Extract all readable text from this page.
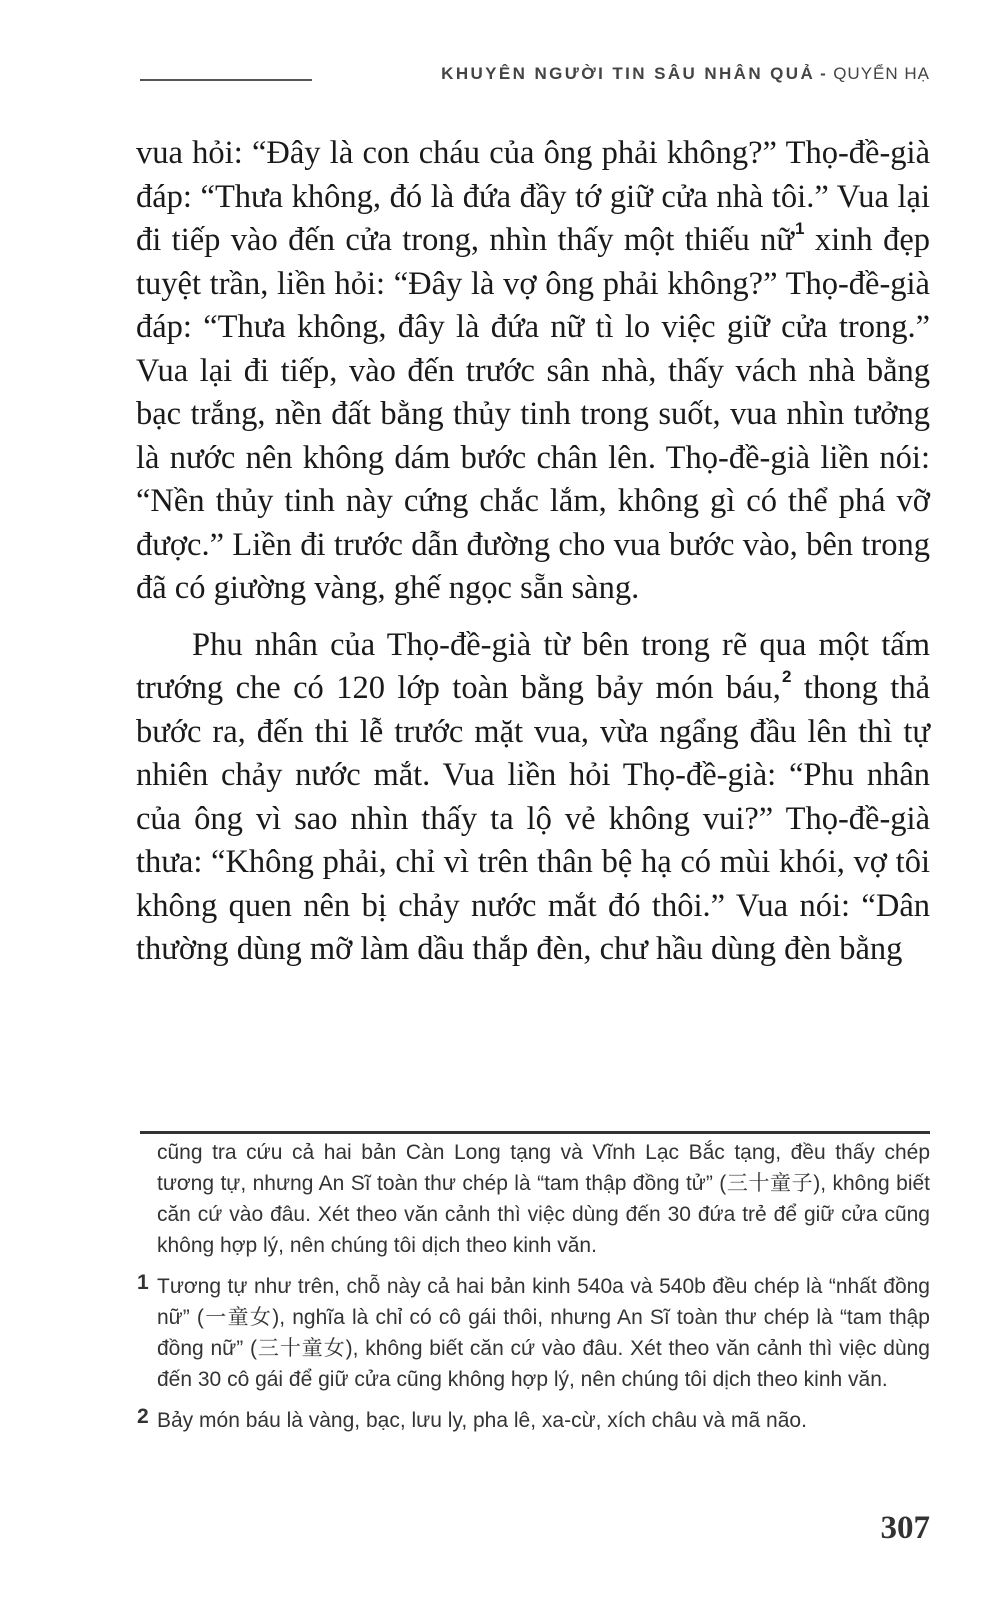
KHUYÊN NGƯỜI TIN SÂU NHÂN QUẢ - QUYỂN HẠ

vua hỏi: “Đây là con cháu của ông phải không?” Thọ-đề-già đáp: “Thưa không, đó là đứa đầy tớ giữ cửa nhà tôi.” Vua lại đi tiếp vào đến cửa trong, nhìn thấy một thiếu nữ$^1$ xinh đẹp tuyệt trần, liền hỏi: “Đây là vợ ông phải không?” Thọ-đề-già đáp: “Thưa không, đây là đứa nữ tì lo việc giữ cửa trong.” Vua lại đi tiếp, vào đến trước sân nhà, thấy vách nhà bằng bạc trắng, nền đất bằng thủy tinh trong suốt, vua nhìn tưởng là nước nên không dám bước chân lên. Thọ-đề-già liền nói: “Nền thủy tinh này cứng chắc lắm, không gì có thể phá vỡ được.” Liền đi trước dẫn đường cho vua bước vào, bên trong đã có giường vàng, ghế ngọc sẵn sàng.

Phu nhân của Thọ-đề-già từ bên trong rẽ qua một tấm trướng che có 120 lớp toàn bằng bảy món báu,$^2$ thong thả bước ra, đến thi lễ trước mặt vua, vừa ngẩng đầu lên thì tự nhiên chảy nước mắt. Vua liền hỏi Thọ-đề-già: “Phu nhân của ông vì sao nhìn thấy ta lộ vẻ không vui?” Thọ-đề-già thưa: “Không phải, chỉ vì trên thân bệ hạ có mùi khói, vợ tôi không quen nên bị chảy nước mắt đó thôi.” Vua nói: “Dân thường dùng mỡ làm dầu thắp đèn, chư hầu dùng đèn bằng

cũng tra cứu cả hai bản Càn Long tạng và Vĩnh Lạc Bắc tạng, đều thấy chép tương tự, nhưng An Sĩ toàn thư chép là “tam thập đồng tử” (三十童子), không biết căn cứ vào đâu. Xét theo văn cảnh thì việc dùng đến 30 đứa trẻ để giữ cửa cũng không hợp lý, nên chúng tôi dịch theo kinh văn.

1 Tương tự như trên, chỗ này cả hai bản kinh 540a và 540b đều chép là “nhất đồng nữ” (一童女), nghĩa là chỉ có cô gái thôi, nhưng An Sĩ toàn thư chép là “tam thập đồng nữ” (三十童女), không biết căn cứ vào đâu. Xét theo văn cảnh thì việc dùng đến 30 cô gái để giữ cửa cũng không hợp lý, nên chúng tôi dịch theo kinh văn.

2 Bảy món báu là vàng, bạc, lưu ly, pha lê, xa-cừ, xích châu và mã não.

307
